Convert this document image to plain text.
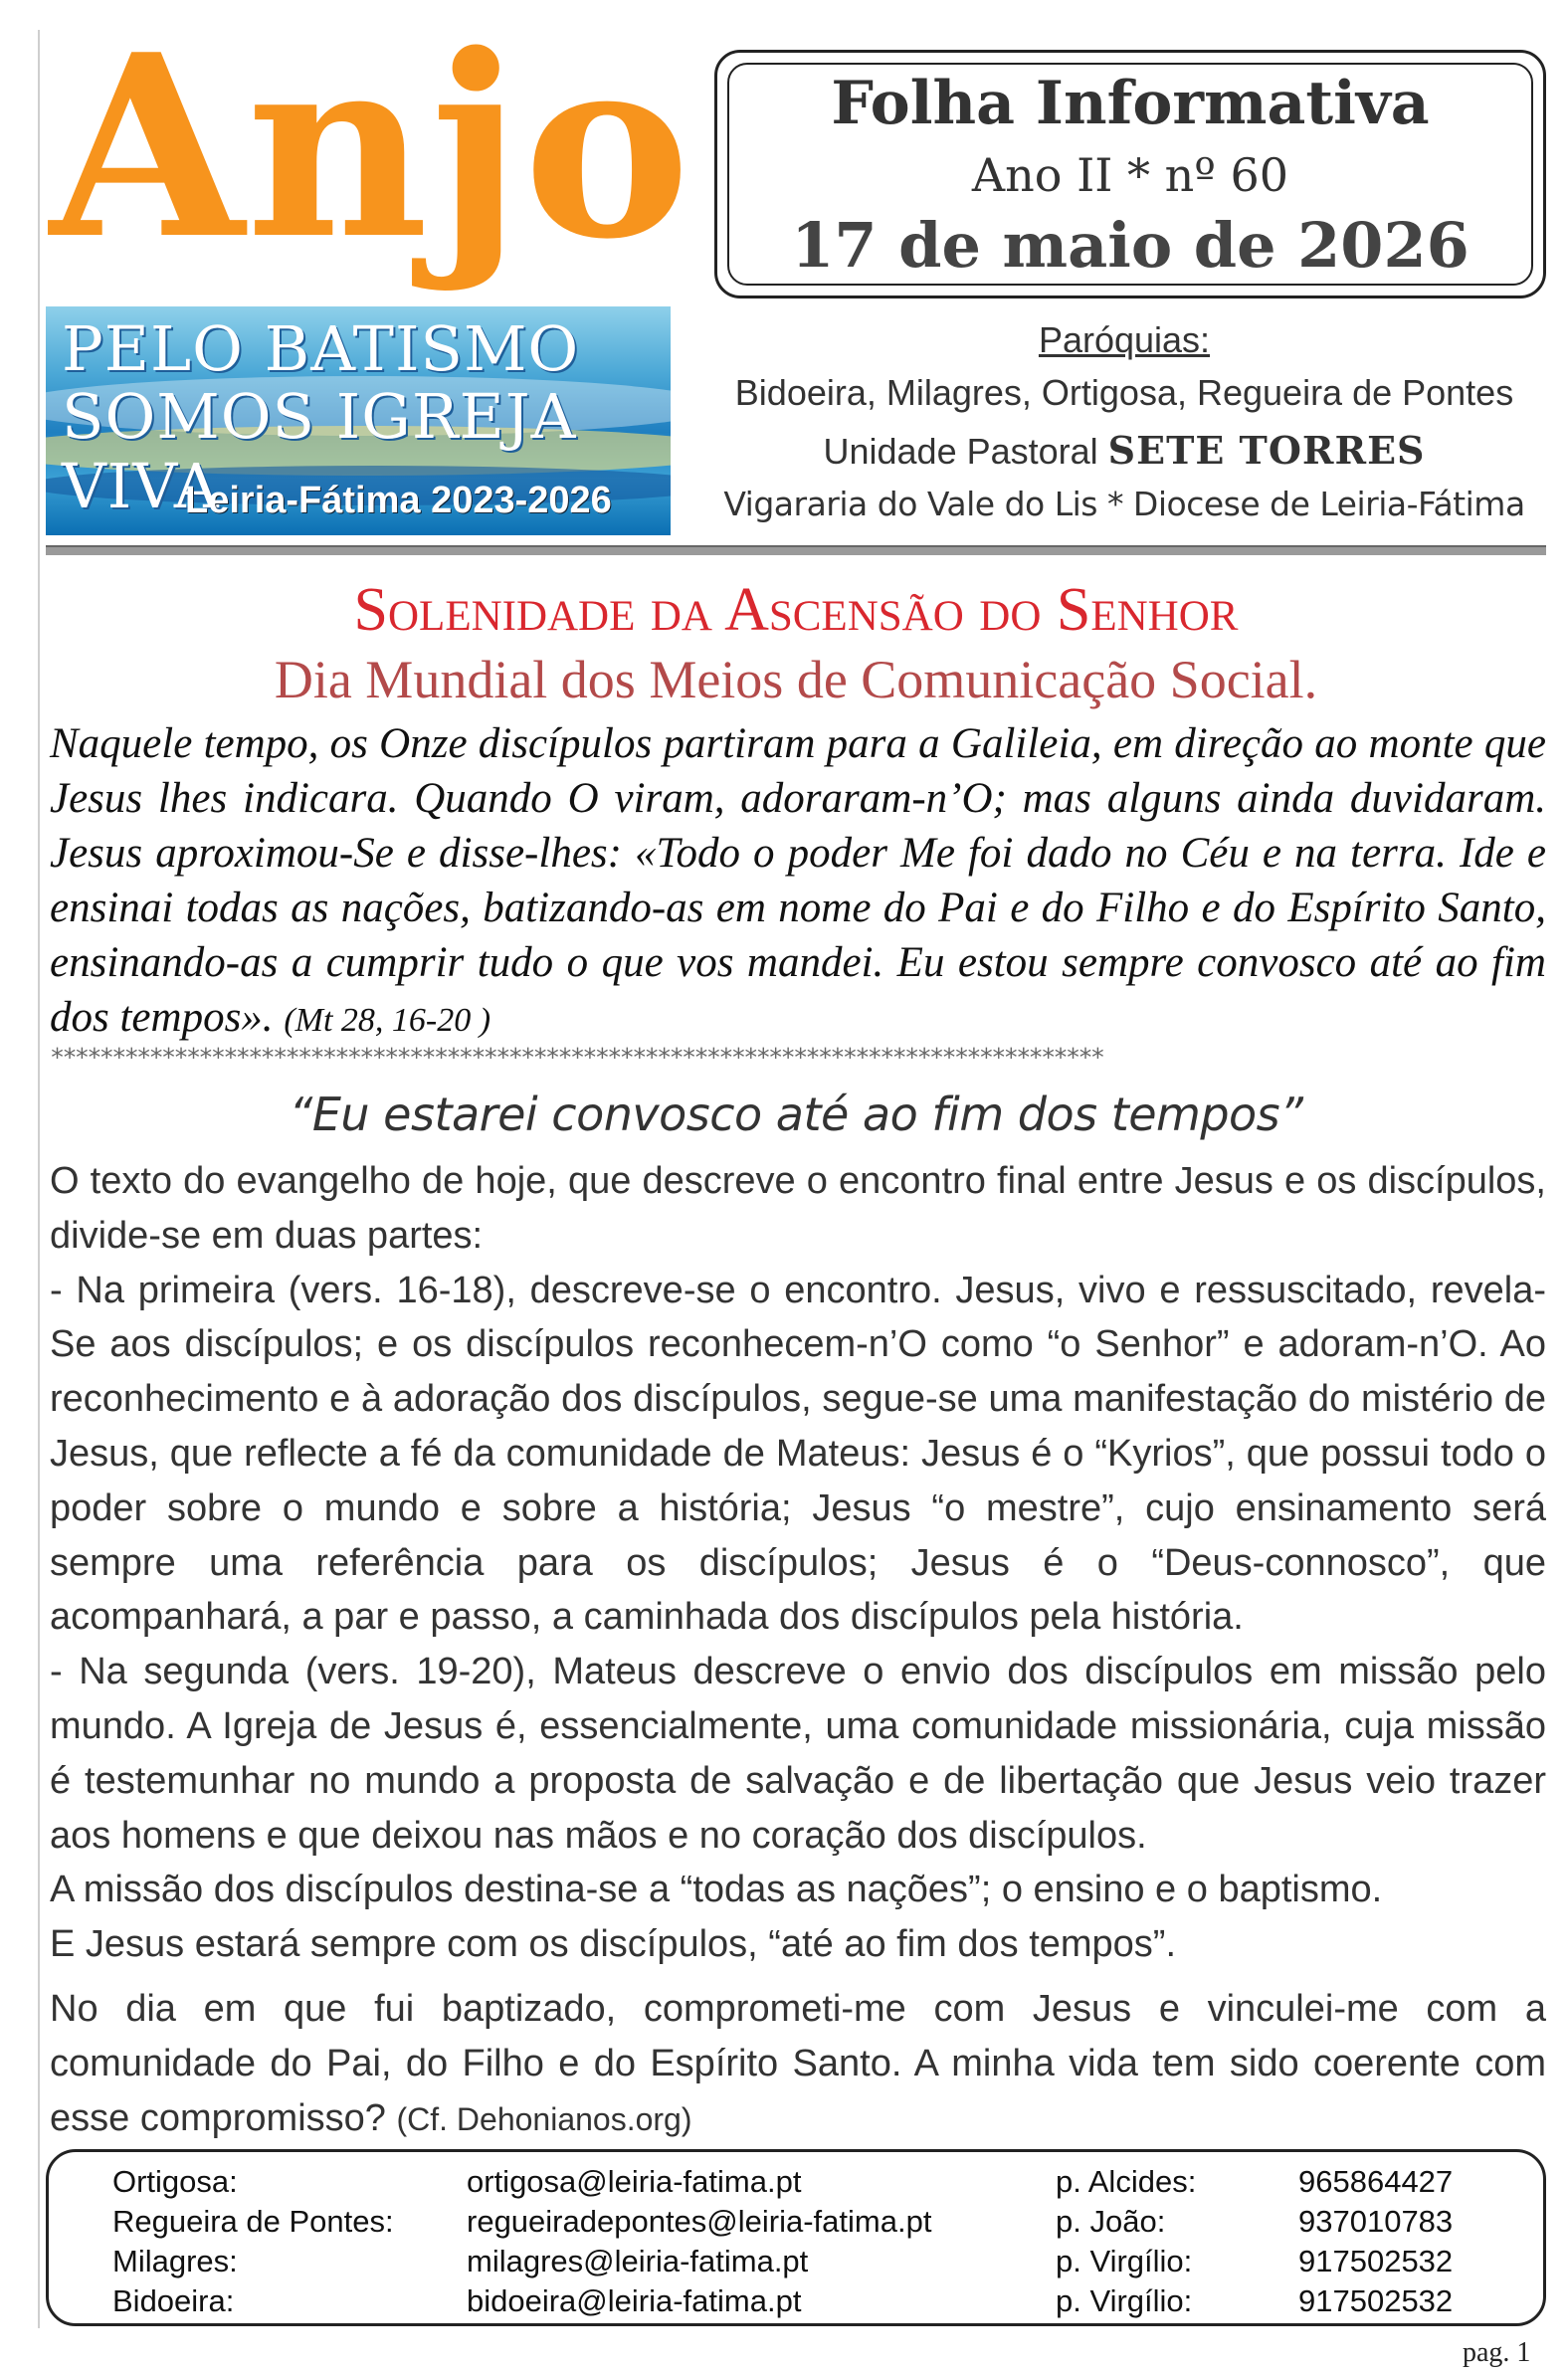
Anjo
PELO BATISMO
SOMOS IGREJA VIVA
Leiria-Fátima 2023-2026
Folha Informativa
Ano II * nº 60
17 de maio de 2026
Paróquias:
Bidoeira, Milagres, Ortigosa, Regueira de Pontes
Unidade Pastoral SETE TORRES
Vigararia do Vale do Lis * Diocese de Leiria-Fátima
Solenidade da Ascensão do Senhor
Dia Mundial dos Meios de Comunicação Social.
Naquele tempo, os Onze discípulos partiram para a Galileia, em direção ao monte que Jesus lhes indicara. Quando O viram, adoraram-n’O; mas alguns ainda duvidaram. Jesus aproximou-Se e disse-lhes: «Todo o poder Me foi dado no Céu e na terra. Ide e ensinai todas as nações, batizando-as em nome do Pai e do Filho e do Espírito Santo, ensinando-as a cumprir tudo o que vos mandei. Eu estou sempre convosco até ao fim dos tempos». (Mt 28, 16-20 )
*************************************************************************************
“Eu estarei convosco até ao fim dos tempos”

O texto do evangelho de hoje, que descreve o encontro final entre Jesus e os discípulos, divide-se em duas partes:

- Na primeira (vers. 16-18), descreve-se o encontro. Jesus, vivo e ressuscitado, revela-Se aos discípulos; e os discípulos reconhecem-n’O como “o Senhor” e adoram-n’O. Ao reconhecimento e à adoração dos discípulos, segue-se uma manifestação do mistério de Jesus, que reflecte a fé da comunidade de Mateus: Jesus é o “Kyrios”, que possui todo o poder sobre o mundo e sobre a história; Jesus “o mestre”, cujo ensinamento será sempre uma referência para os discípulos; Jesus é o “Deus-connosco”, que acompanhará, a par e passo, a caminhada dos discípulos pela história.

- Na segunda (vers. 19-20), Mateus descreve o envio dos discípulos em missão pelo mundo. A Igreja de Jesus é, essencialmente, uma comunidade missionária, cuja missão é testemunhar no mundo a proposta de salvação e de libertação que Jesus veio trazer aos homens e que deixou nas mãos e no coração dos discípulos.

A missão dos discípulos destina-se a “todas as nações”; o ensino e o baptismo.

E Jesus estará sempre com os discípulos, “até ao fim dos tempos”.

No dia em que fui baptizado, comprometi-me com Jesus e vinculei-me com a comunidade do Pai, do Filho e do Espírito Santo. A minha vida tem sido coerente com esse compromisso? (Cf. Dehonianos.org)
Ortigosa:	ortigosa@leiria-fatima.pt	p. Alcides:	965864427
Regueira de Pontes: regueiradepontes@leiria-fatima.pt	p. João:	937010783
Milagres:	milagres@leiria-fatima.pt	p. Virgílio:	917502532
Bidoeira:	bidoeira@leiria-fatima.pt	p. Virgílio:	917502532
pag. 1
